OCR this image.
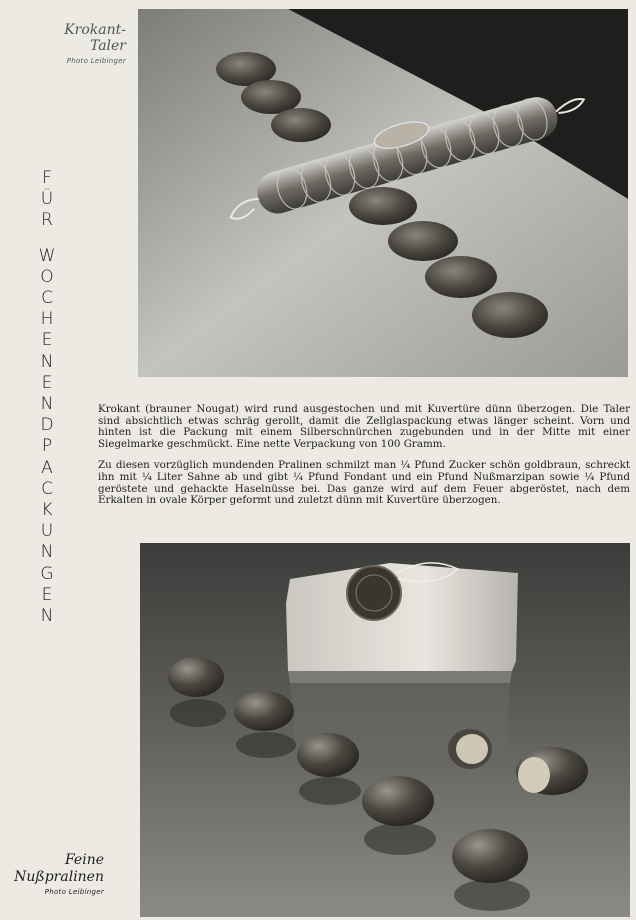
Krokant-
Taler
Photo Leibinger
F
Ü
R
W
O
C
H
E
N
E
N
D
P
A
C
K
U
N
G
E
N

Krokant (brauner Nougat) wird rund ausgestochen und mit Kuvertüre dünn überzogen. Die Taler sind absichtlich etwas schräg gerollt, damit die Zellglaspackung etwas länger scheint. Vorn und hinten ist die Packung mit einem Silberschnürchen zugebunden und in der Mitte mit einer Siegelmarke geschmückt. Eine nette Verpackung von 100 Gramm.

Zu diesen vorzüglich mundenden Pralinen schmilzt man ¼ Pfund Zucker schön goldbraun, schreckt ihn mit ¼ Liter Sahne ab und gibt ¼ Pfund Fondant und ein Pfund Nußmarzipan sowie ¼ Pfund geröstete und gehackte Haselnüsse bei. Das ganze wird auf dem Feuer abgeröstet, nach dem Erkalten in ovale Körper geformt und zuletzt dünn mit Kuvertüre überzogen.

Feine
Nußpralinen
Photo Leibinger
